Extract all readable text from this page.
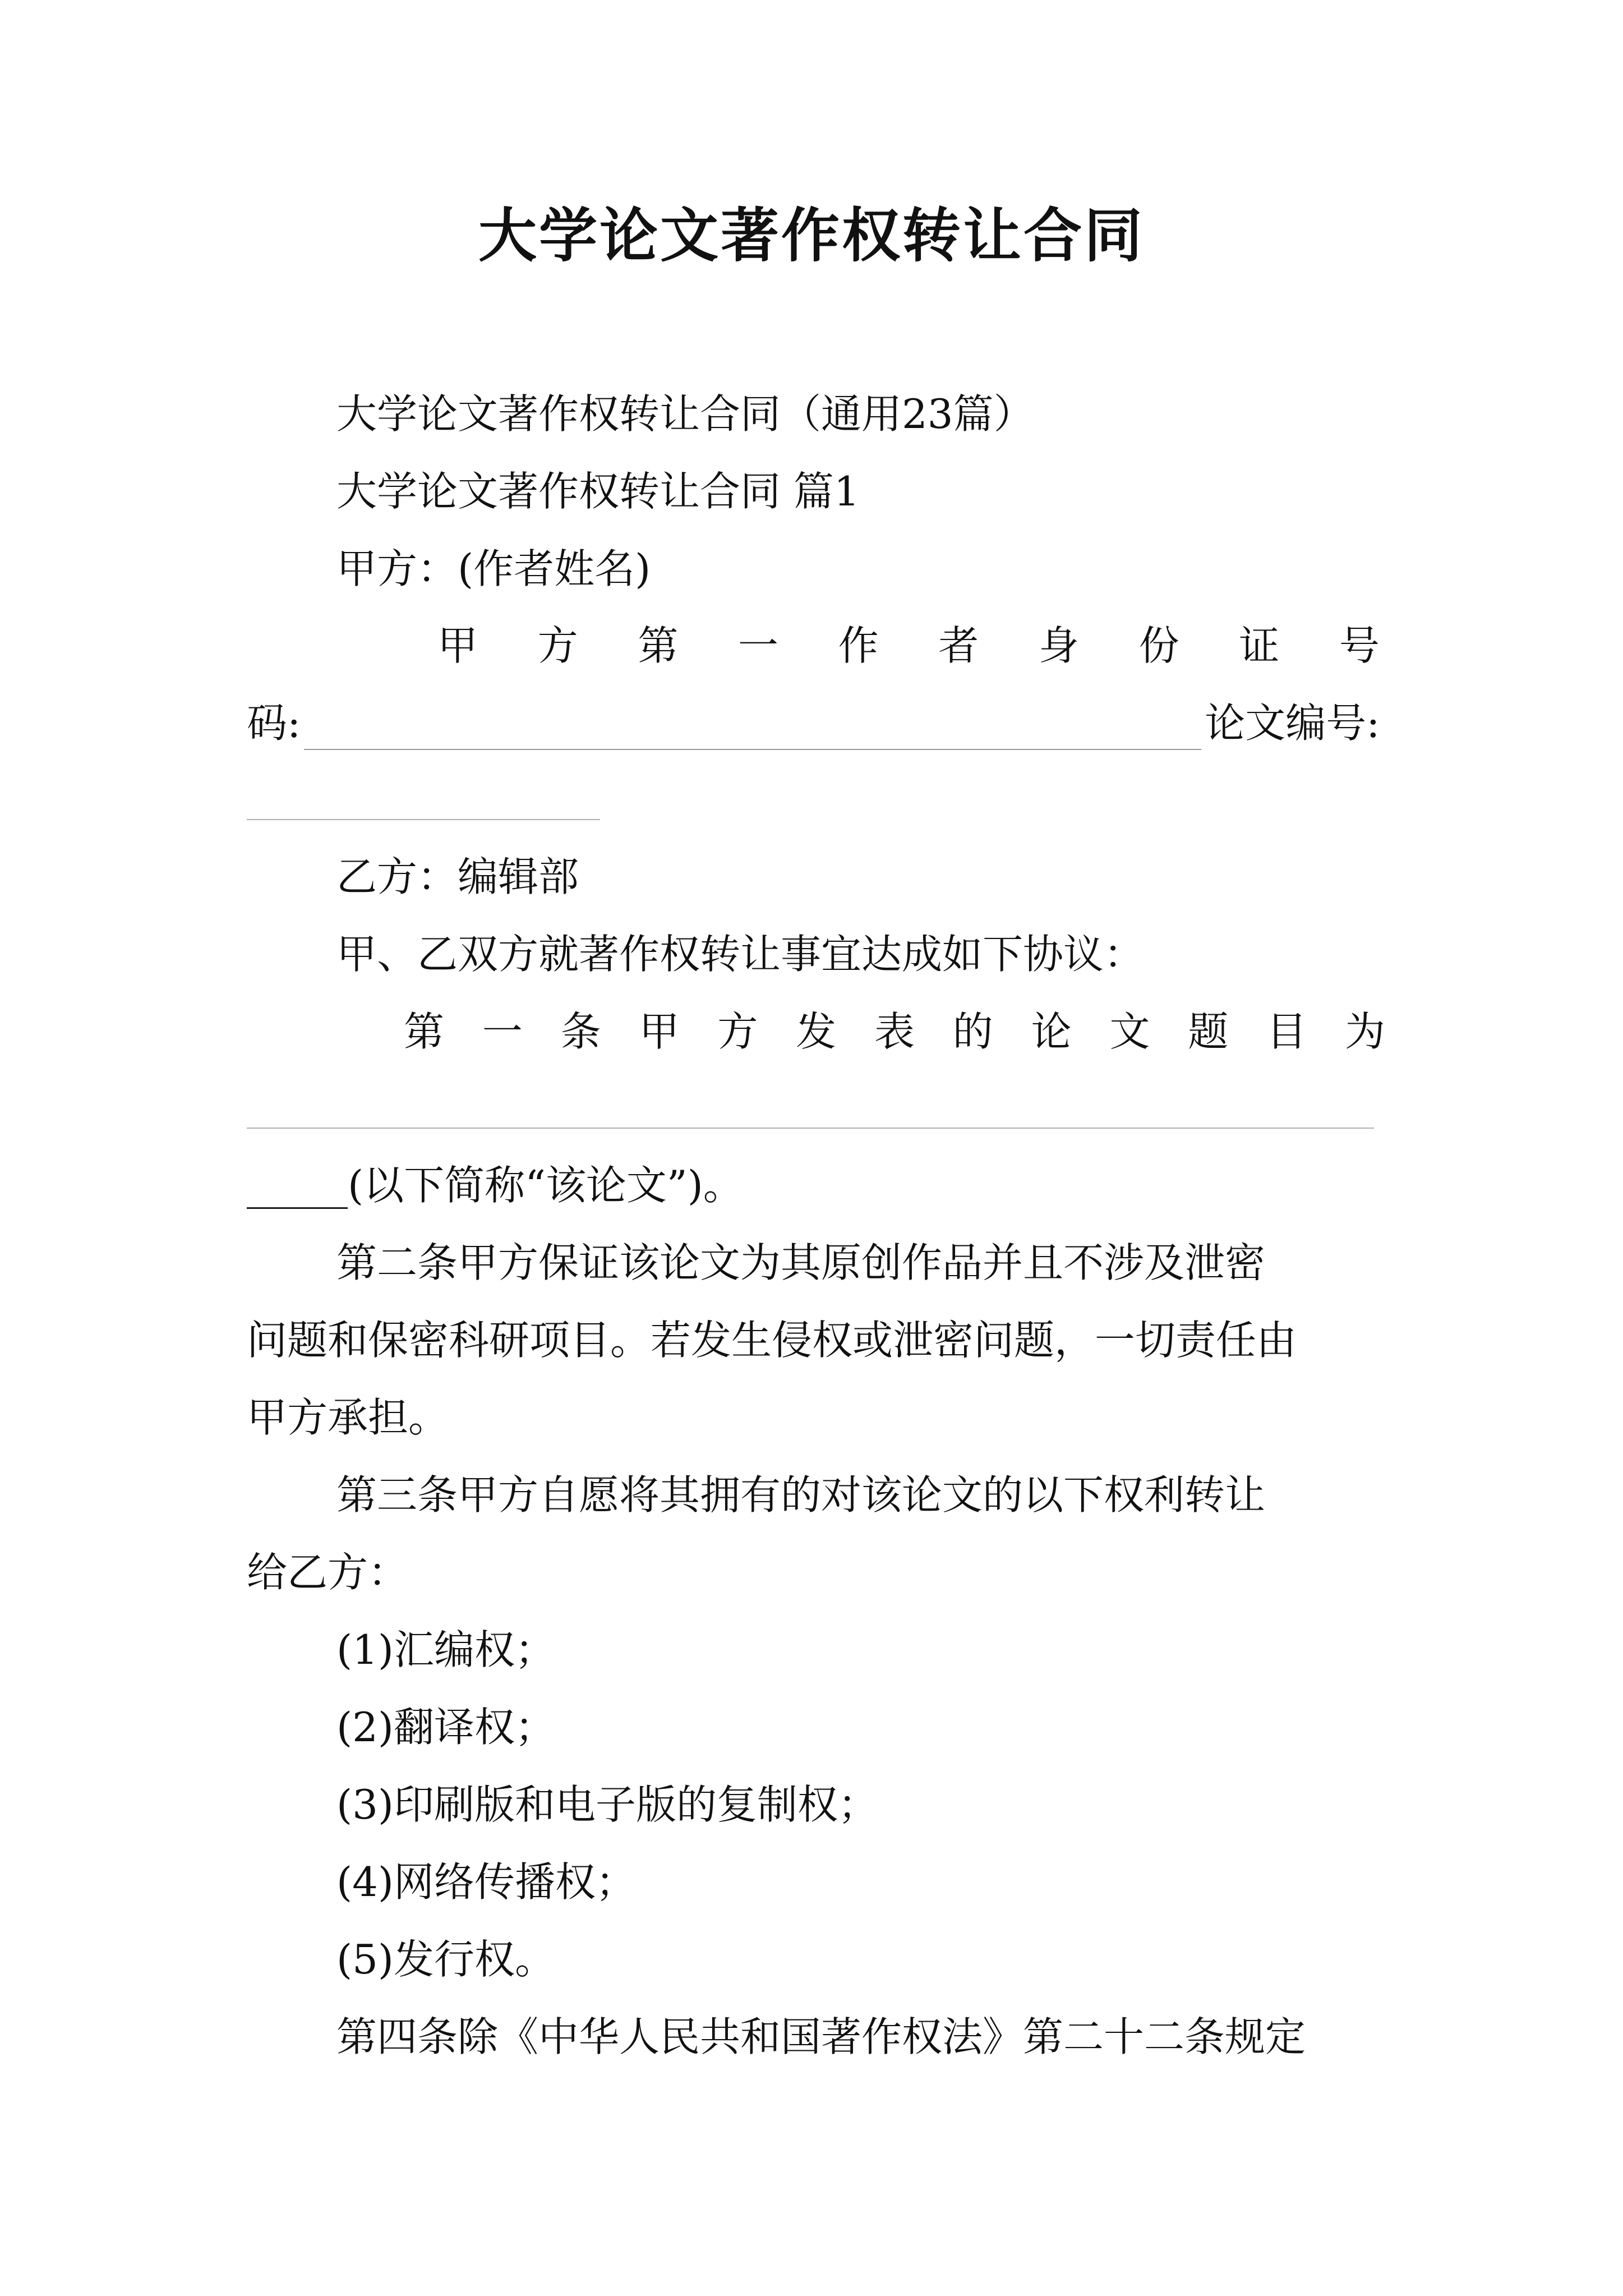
大学论文著作权转让合同
大学论文著作权转让合同（通用23篇）
大学论文著作权转让合同 篇1
甲方：(作者姓名)
甲 方 第 一 作 者 身 份 证 号
码:	论文编号:
乙方：编辑部
甲、乙双方就著作权转让事宜达成如下协议：
第 一 条 甲 方 发 表 的 论 文 题 目 为
_____(以下简称“该论文”)。
第二条甲方保证该论文为其原创作品并且不涉及泄密
问题和保密科研项目。若发生侵权或泄密问题，一切责任由
甲方承担。
第三条甲方自愿将其拥有的对该论文的以下权利转让
给乙方：
(1)汇编权；
(2)翻译权；
(3)印刷版和电子版的复制权；
(4)网络传播权；
(5)发行权。
第四条除《中华人民共和国著作权法》第二十二条规定
